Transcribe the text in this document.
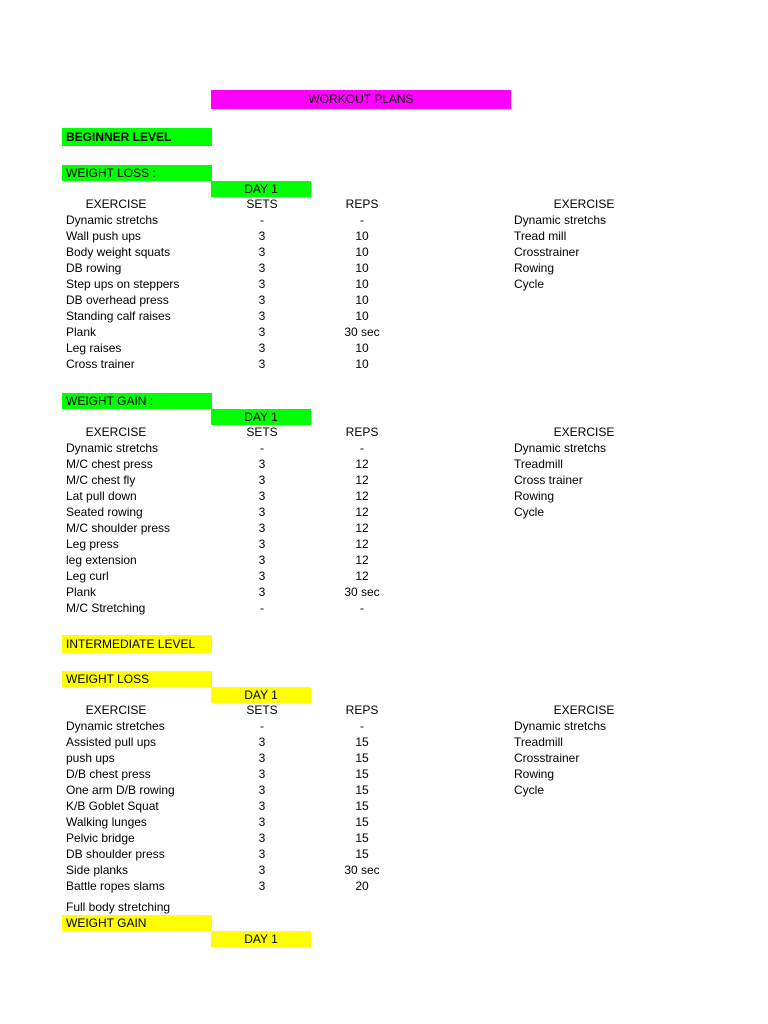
WORKOUT PLANS
BEGINNER LEVEL
WEIGHT LOSS :
DAY 1
EXERCISE	SETS	REPS	EXERCISE
Dynamic stretchs	-	-	Dynamic stretchs
Wall push ups	3	10	Tread mill
Body weight squats	3	10	Crosstrainer
DB rowing	3	10	Rowing
Step ups on steppers	3	10	Cycle
DB overhead press	3	10
Standing calf raises	3	10
Plank	3	30 sec
Leg raises	3	10
Cross trainer	3	10
WEIGHT GAIN :
DAY 1
EXERCISE	SETS	REPS	EXERCISE
Dynamic stretchs	-	-	Dynamic stretchs
M/C chest press	3	12	Treadmill
M/C chest fly	3	12	Cross trainer
Lat pull down	3	12	Rowing
Seated rowing	3	12	Cycle
M/C shoulder press	3	12
Leg press	3	12
leg extension	3	12
Leg curl	3	12
Plank	3	30 sec
M/C Stretching	-	-
INTERMEDIATE LEVEL
WEIGHT LOSS
DAY 1
EXERCISE	SETS	REPS	EXERCISE
Dynamic stretches	-	-	Dynamic stretchs
Assisted pull ups	3	15	Treadmill
push ups	3	15	Crosstrainer
D/B chest press	3	15	Rowing
One arm D/B rowing	3	15	Cycle
K/B Goblet Squat	3	15
Walking lunges	3	15
Pelvic bridge	3	15
DB shoulder press	3	15
Side planks	3	30 sec
Battle ropes slams	3	20
Full body stretching
WEIGHT GAIN
DAY 1
